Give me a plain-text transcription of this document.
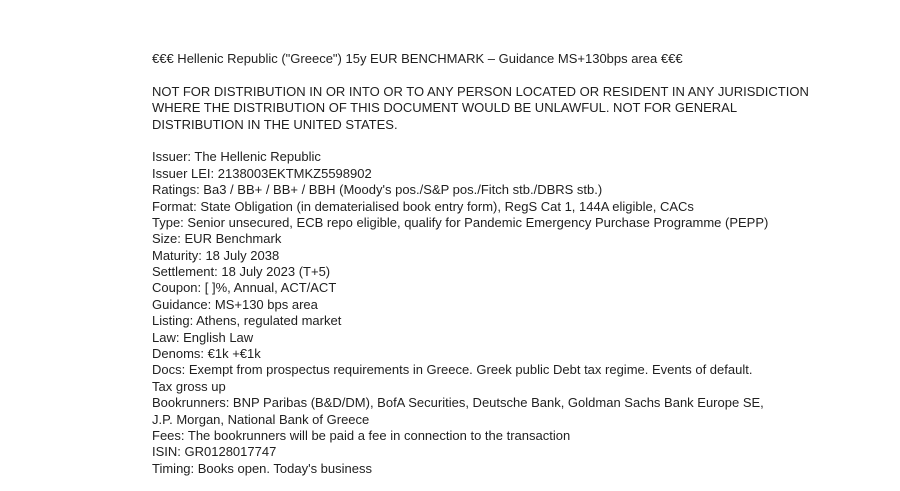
€€€ Hellenic Republic ("Greece") 15y EUR BENCHMARK – Guidance MS+130bps area €€€
NOT FOR DISTRIBUTION IN OR INTO OR TO ANY PERSON LOCATED OR RESIDENT IN ANY JURISDICTION
WHERE THE DISTRIBUTION OF THIS DOCUMENT WOULD BE UNLAWFUL. NOT FOR GENERAL
DISTRIBUTION IN THE UNITED STATES.
Issuer: The Hellenic Republic
Issuer LEI: 2138003EKTMKZ5598902
Ratings: Ba3 / BB+ / BB+ / BBH (Moody's pos./S&P pos./Fitch stb./DBRS stb.)
Format: State Obligation (in dematerialised book entry form), RegS Cat 1, 144A eligible, CACs
Type: Senior unsecured, ECB repo eligible, qualify for Pandemic Emergency Purchase Programme (PEPP)
Size: EUR Benchmark
Maturity: 18 July 2038
Settlement: 18 July 2023 (T+5)
Coupon: [ ]%, Annual, ACT/ACT
Guidance: MS+130 bps area
Listing: Athens, regulated market
Law: English Law
Denoms: €1k +€1k
Docs: Exempt from prospectus requirements in Greece. Greek public Debt tax regime. Events of default.
Tax gross up
Bookrunners: BNP Paribas (B&D/DM), BofA Securities, Deutsche Bank, Goldman Sachs Bank Europe SE,
J.P. Morgan, National Bank of Greece
Fees: The bookrunners will be paid a fee in connection to the transaction
ISIN: GR0128017747
Timing: Books open. Today's business
